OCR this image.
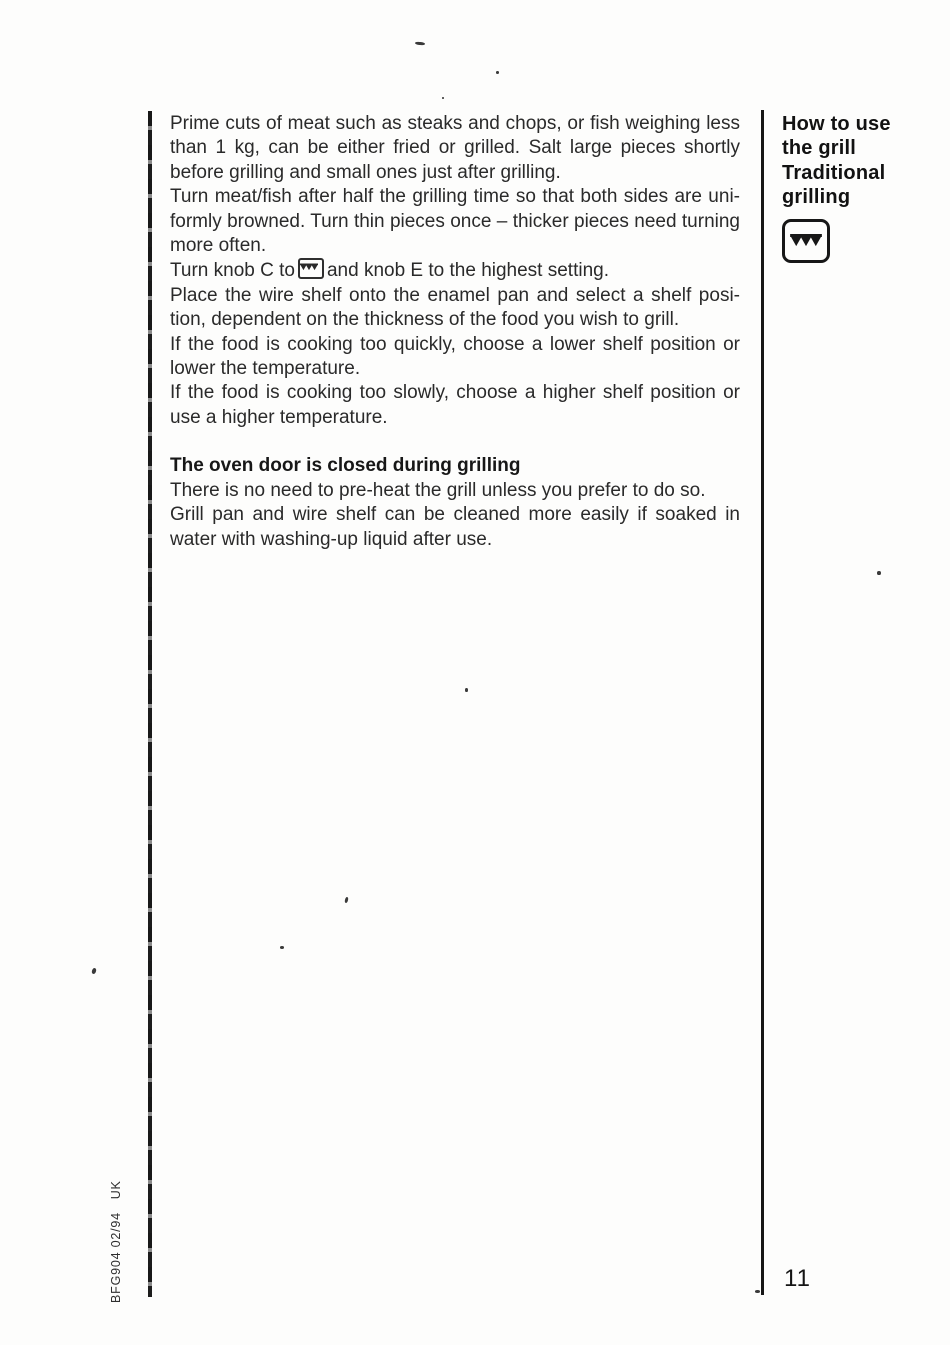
Prime cuts of meat such as steaks and chops, or fish weighing less than 1 kg, can be either fried or grilled. Salt large pieces shortly before grilling and small ones just after grilling.

Turn meat/fish after half the grilling time so that both sides are uniformly browned. Turn thin pieces once – thicker pieces need turning more often.

Turn knob C to and knob E to the highest setting.

Place the wire shelf onto the enamel pan and select a shelf position, dependent on the thickness of the food you wish to grill.

If the food is cooking too quickly, choose a lower shelf position or lower the temperature.

If the food is cooking too slowly, choose a higher shelf position or use a higher temperature.

The oven door is closed during grilling

There is no need to pre-heat the grill unless you prefer to do so.

Grill pan and wire shelf can be cleaned more easily if soaked in water with washing-up liquid after use.

How to use
the grill
Traditional
grilling
BFG904 02/94   UK	11
